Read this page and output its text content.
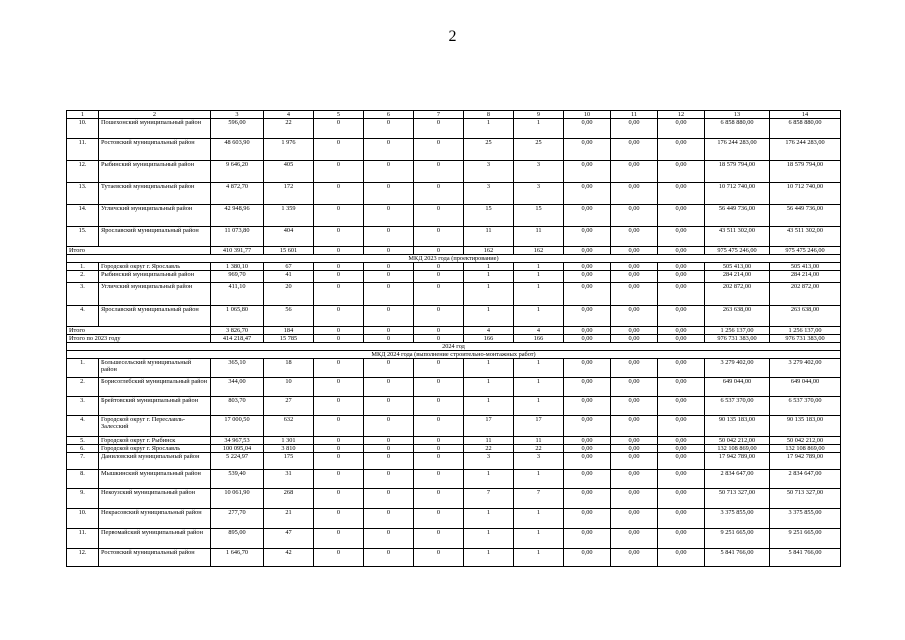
2
1	2	3	4	5	6	7	8	9	10	11	12	13	14
10.	Пошехонский муниципальный район	596,00	22	0	0	0	1	1	0,00	0,00	0,00	6 858 880,00	6 858 880,00
11.	Ростовский муниципальный район	48 603,90	1 976	0	0	0	25	25	0,00	0,00	0,00	176 244 283,00	176 244 283,00
12.	Рыбинский муниципальный район	9 646,20	405	0	0	0	3	3	0,00	0,00	0,00	18 579 794,00	18 579 794,00
13.	Тутаевский муниципальный район	4 872,70	172	0	0	0	3	3	0,00	0,00	0,00	10 712 740,00	10 712 740,00
14.	Угличский муниципальный район	42 948,96	1 359	0	0	0	15	15	0,00	0,00	0,00	56 449 736,00	56 449 736,00
15.	Ярославский муниципальный район	11 073,80	404	0	0	0	11	11	0,00	0,00	0,00	43 511 302,00	43 511 302,00
Итого		410 391,77	15 601	0	0	0	162	162	0,00	0,00	0,00	975 475 246,00	975 475 246,00
МКД 2023 года (проектирование)													
1.	Городской округ г. Ярославль	1 380,10	67	0	0	0	1	1	0,00	0,00	0,00	505 413,00	505 413,00
2.	Рыбинский муниципальный район	969,70	41	0	0	0	1	1	0,00	0,00	0,00	284 214,00	284 214,00
3.	Угличский муниципальный район	411,10	20	0	0	0	1	1	0,00	0,00	0,00	202 872,00	202 872,00
4.	Ярославский муниципальный район	1 065,80	56	0	0	0	1	1	0,00	0,00	0,00	263 638,00	263 638,00
Итого		3 826,70	184	0	0	0	4	4	0,00	0,00	0,00	1 256 137,00	1 256 137,00
Итого по 2023 году		414 218,47	15 785	0	0	0	166	166	0,00	0,00	0,00	976 731 383,00	976 731 383,00
2024 год													
МКД 2024 года (выполнение строительно-монтажных работ)													
1.	Большесельский муниципальный район	365,10	18	0	0	0	1	1	0,00	0,00	0,00	3 279 402,00	3 279 402,00
2.	Борисоглебский муниципальный район	344,00	10	0	0	0	1	1	0,00	0,00	0,00	649 044,00	649 044,00
3.	Брейтовский муниципальный район	803,70	27	0	0	0	1	1	0,00	0,00	0,00	6 537 370,00	6 537 370,00
4.	Городской округ г. Переславль-Залесский	17 000,50	632	0	0	0	17	17	0,00	0,00	0,00	90 135 183,00	90 135 183,00
5.	Городской округ г. Рыбинск	34 967,53	1 301	0	0	0	11	11	0,00	0,00	0,00	50 042 212,00	50 042 212,00
6.	Городской округ г. Ярославль	100 095,04	3 810	0	0	0	22	22	0,00	0,00	0,00	132 108 869,00	132 108 869,00
7.	Даниловский муниципальный район	5 224,97	175	0	0	0	3	3	0,00	0,00	0,00	17 942 789,00	17 942 789,00
8.	Мышкинский муниципальный район	539,40	31	0	0	0	1	1	0,00	0,00	0,00	2 834 647,00	2 834 647,00
9.	Некоузский муниципальный район	10 061,90	268	0	0	0	7	7	0,00	0,00	0,00	50 713 327,00	50 713 327,00
10.	Некрасовский муниципальный район	277,70	21	0	0	0	1	1	0,00	0,00	0,00	3 375 855,00	3 375 855,00
11.	Первомайский муниципальный район	895,00	47	0	0	0	1	1	0,00	0,00	0,00	9 251 665,00	9 251 665,00
12.	Ростовский муниципальный район	1 646,70	42	0	0	0	1	1	0,00	0,00	0,00	5 841 766,00	5 841 766,00
